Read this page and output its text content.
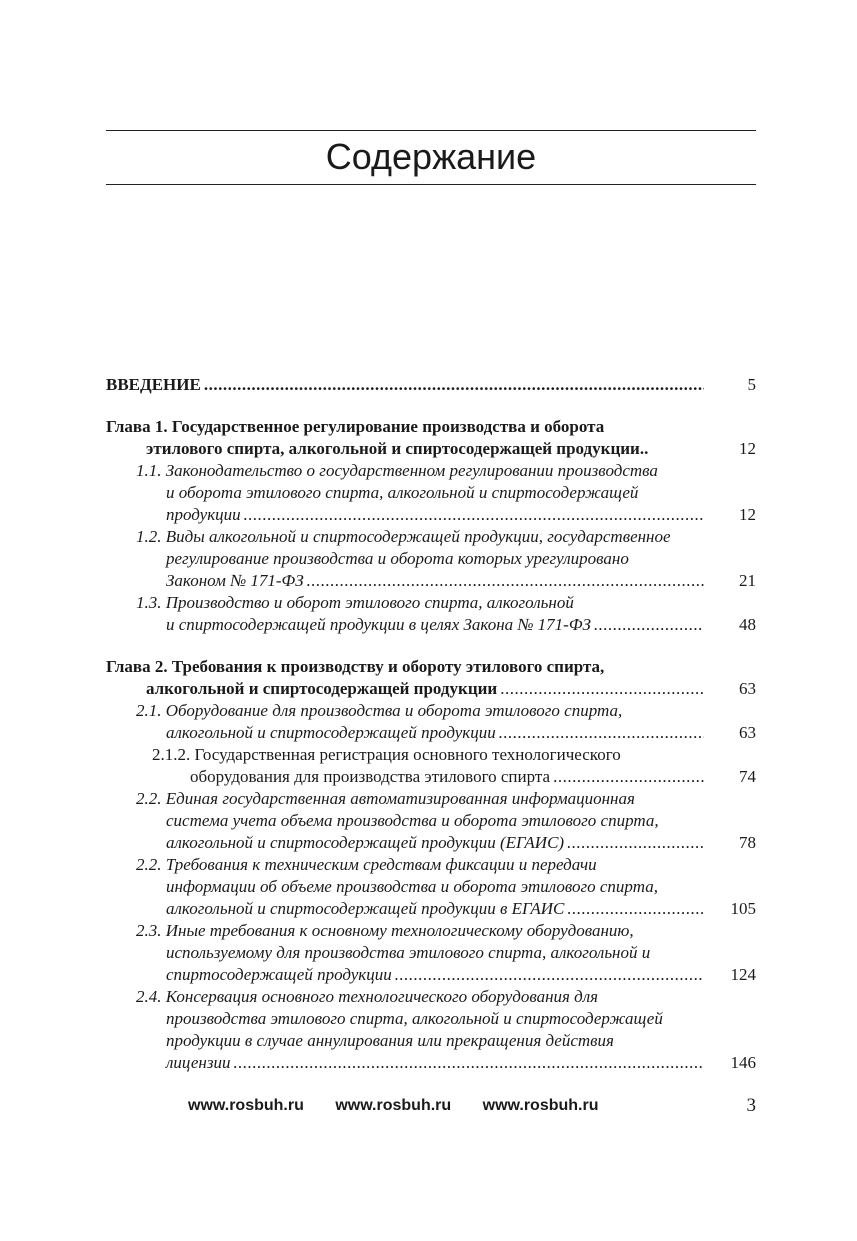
Содержание
ВВЕДЕНИЕ .....	5
Глава 1. Государственное регулирование производства и оборота
этилового спирта, алкогольной и спиртосодержащей продукции..	12
1.1. Законодательство о государственном регулировании производства
и оборота этилового спирта, алкогольной и спиртосодержащей
продукции .....	12
1.2. Виды алкогольной и спиртосодержащей продукции, государственное
регулирование производства и оборота которых урегулировано
Законом № 171-ФЗ .....	21
1.3. Производство и оборот этилового спирта, алкогольной
и спиртосодержащей продукции в целях Закона № 171-ФЗ .....	48
Глава 2. Требования к производству и обороту этилового спирта,
алкогольной и спиртосодержащей продукции .....	63
2.1. Оборудование для производства и оборота этилового спирта,
алкогольной и спиртосодержащей продукции .....	63
2.1.2. Государственная регистрация основного технологического
оборудования для производства этилового спирта .....	74
2.2. Единая государственная автоматизированная информационная
система учета объема производства и оборота этилового спирта,
алкогольной и спиртосодержащей продукции (ЕГАИС) .....	78
2.2. Требования к техническим средствам фиксации и передачи
информации об объеме производства и оборота этилового спирта,
алкогольной и спиртосодержащей продукции в ЕГАИС .....	105
2.3. Иные требования к основному технологическому оборудованию,
используемому для производства этилового спирта, алкогольной и
спиртосодержащей продукции .....	124
2.4. Консервация основного технологического оборудования для
производства этилового спирта, алкогольной и спиртосодержащей
продукции в случае аннулирования или прекращения действия
лицензии .....	146
www.rosbuh.ru www.rosbuh.ru www.rosbuh.ru	3
